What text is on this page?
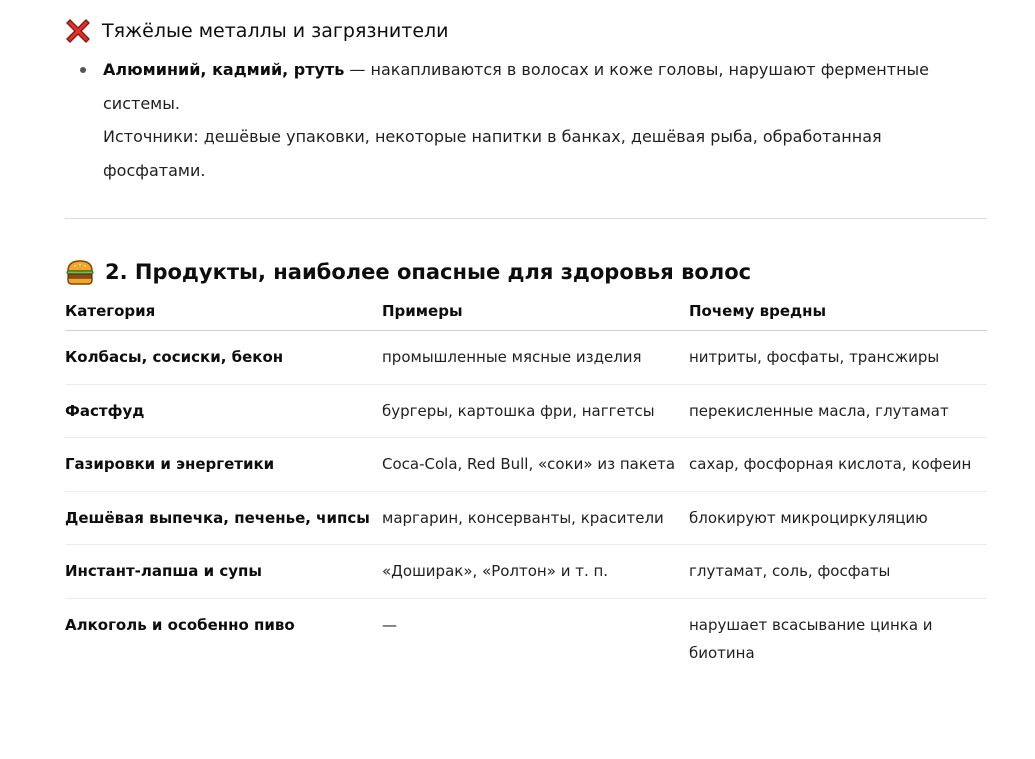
Тяжёлые металлы и загрязнители
Алюминий, кадмий, ртуть — накапливаются в волосах и коже головы, нарушают ферментные системы.
Источники: дешёвые упаковки, некоторые напитки в банках, дешёвая рыба, обработанная фосфатами.
2. Продукты, наиболее опасные для здоровья волос
Категория	Примеры	Почему вредны

Колбасы, сосиски, бекон	промышленные мясные изделия	нитриты, фосфаты, трансжиры

Фастфуд	бургеры, картошка фри, наггетсы	перекисленные масла, глутамат

Газировки и энергетики	Coca-Cola, Red Bull, «соки» из пакета	сахар, фосфорная кислота, кофеин

Дешёвая выпечка, печенье, чипсы	маргарин, консерванты, красители	блокируют микроциркуляцию

Инстант-лапша и супы	«Доширак», «Ролтон» и т. п.	глутамат, соль, фосфаты

Алкоголь и особенно пиво	—	нарушает всасывание цинка и биотина
